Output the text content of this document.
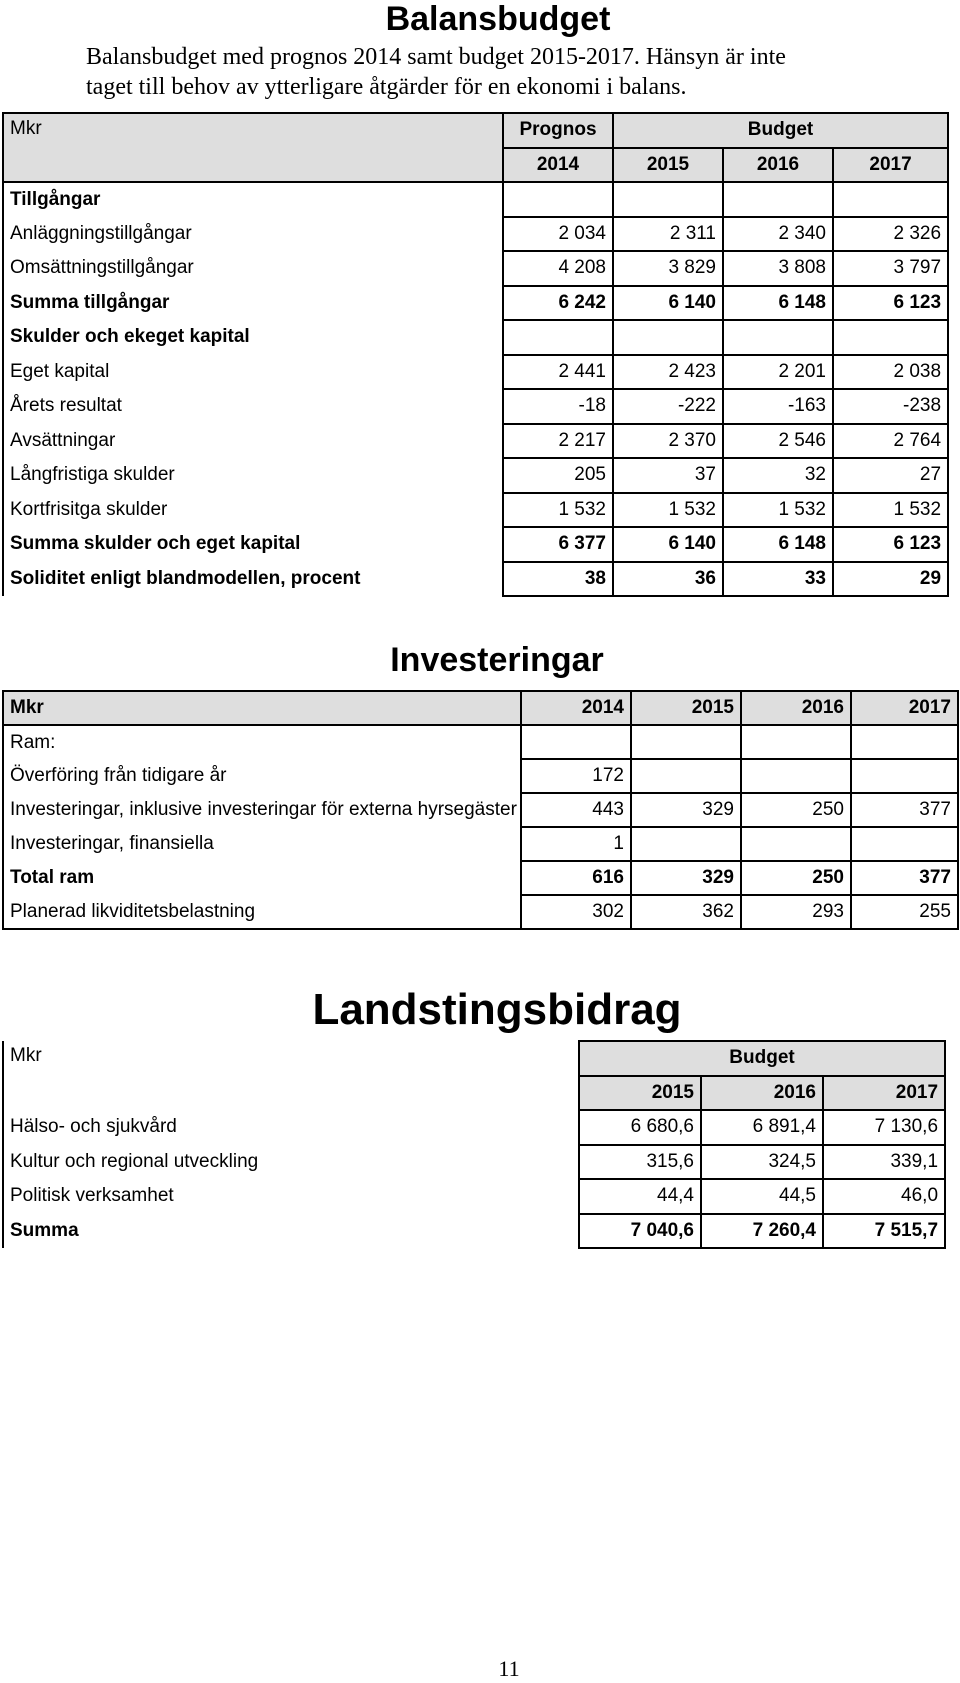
Balansbudget
Balansbudget med prognos 2014 samt budget 2015-2017. Hänsyn är inte
taget till behov av ytterligare åtgärder för en ekonomi i balans.
Mkr	Prognos	Budget		
	2014	2015	2016	2017
Tillgångar				
Anläggningstillgångar	2 034	2 311	2 340	2 326
Omsättningstillgångar	4 208	3 829	3 808	3 797
Summa tillgångar	6 242	6 140	6 148	6 123
Skulder och ekeget kapital				
Eget kapital	2 441	2 423	2 201	2 038
Årets resultat	-18	-222	-163	-238
Avsättningar	2 217	2 370	2 546	2 764
Långfristiga skulder	205	37	32	27
Kortfrisitga skulder	1 532	1 532	1 532	1 532
Summa skulder och eget kapital	6 377	6 140	6 148	6 123
Soliditet enligt blandmodellen, procent	38	36	33	29
Investeringar
Mkr	2014	2015	2016	2017
Ram:				
Överföring från tidigare år	172			
Investeringar, inklusive investeringar för externa hyrsegäster	443	329	250	377
Investeringar, finansiella	1			
Total ram	616	329	250	377
Planerad likviditetsbelastning	302	362	293	255
Landstingsbidrag
Mkr	Budget		
	2015	2016	2017
Hälso- och sjukvård	6 680,6	6 891,4	7 130,6
Kultur och regional utveckling	315,6	324,5	339,1
Politisk verksamhet	44,4	44,5	46,0
Summa	7 040,6	7 260,4	7 515,7
11
